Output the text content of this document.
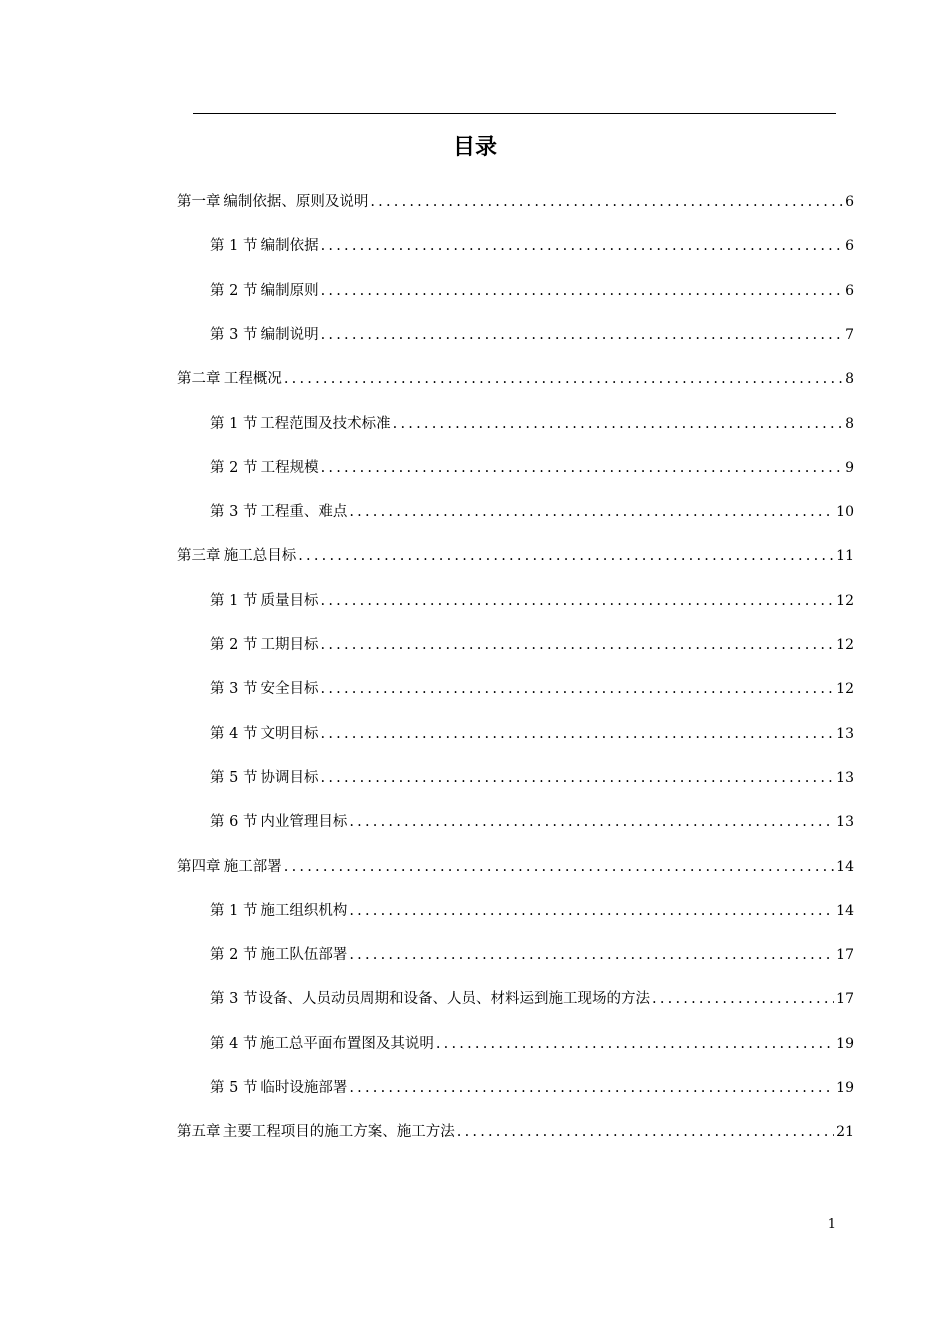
目录
第一章 编制依据、原则及说明 .....	6
第 1 节 编制依据 .....	6
第 2 节 编制原则 .....	6
第 3 节 编制说明 .....	7
第二章 工程概况 .....	8
第 1 节 工程范围及技术标准 .....	8
第 2 节 工程规模 .....	9
第 3 节 工程重、难点 .....	10
第三章 施工总目标 .....	11
第 1 节 质量目标 .....	12
第 2 节 工期目标 .....	12
第 3 节 安全目标 .....	12
第 4 节 文明目标 .....	13
第 5 节 协调目标 .....	13
第 6 节 内业管理目标 .....	13
第四章 施工部署 .....	14
第 1 节 施工组织机构 .....	14
第 2 节 施工队伍部署 .....	17
第 3 节 设备、人员动员周期和设备、人员、材料运到施工现场的方法 .....	17
第 4 节 施工总平面布置图及其说明 .....	19
第 5 节 临时设施部署 .....	19
第五章 主要工程项目的施工方案、施工方法 .....	21
1
